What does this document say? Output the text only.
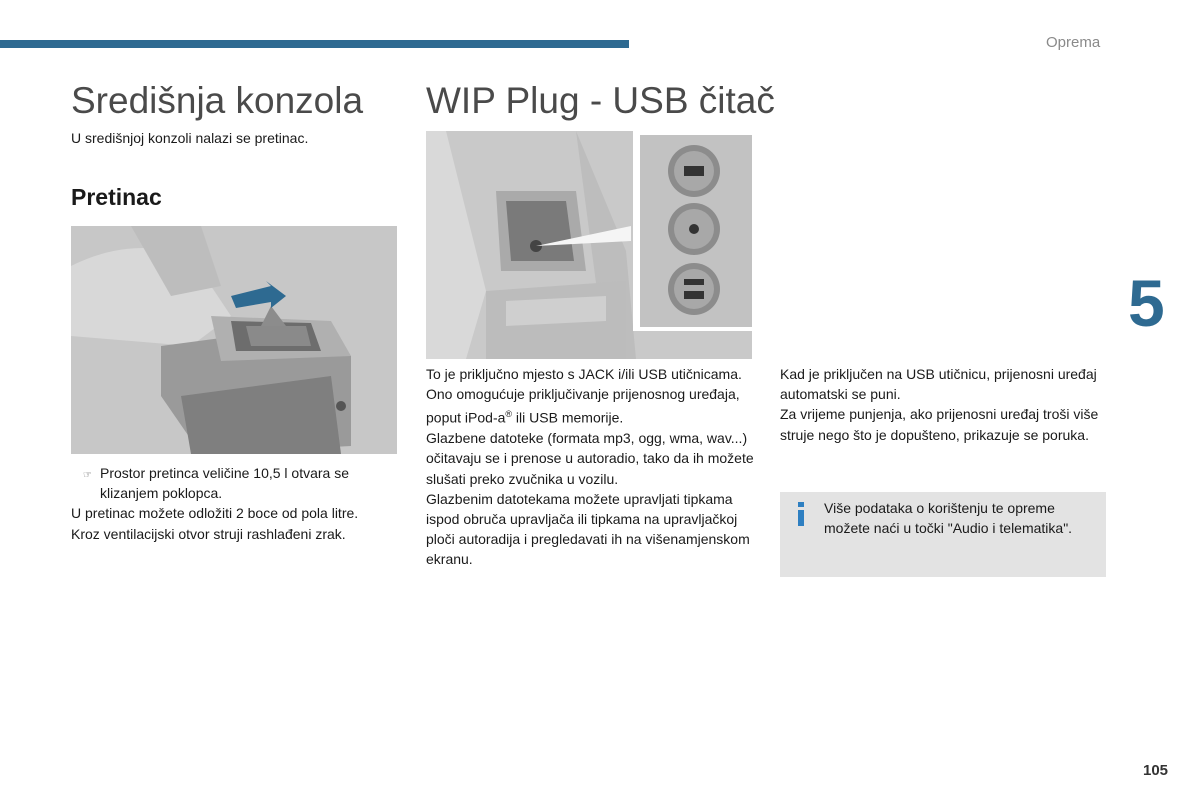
Oprema
5
105
Središnja konzola
U središnjoj konzoli nalazi se pretinac.
Pretinac

☞ Prostor pretinca veličine 10,5 l otvara se klizanjem poklopca.

U pretinac možete odložiti 2 boce od pola litre.

Kroz ventilacijski otvor struji rashlađeni zrak.

WIP Plug - USB čitač

To je priključno mjesto s JACK i/ili USB utičnicama.

Ono omogućuje priključivanje prijenosnog uređaja, poput iPod-a® ili USB memorije.

Glazbene datoteke (formata mp3, ogg, wma, wav...) očitavaju se i prenose u autoradio, tako da ih možete slušati preko zvučnika u vozilu.

Glazbenim datotekama možete upravljati tipkama ispod obruča upravljača ili tipkama na upravljačkoj ploči autoradija i pregledavati ih na višenamjenskom ekranu.

Kad je priključen na USB utičnicu, prijenosni uređaj automatski se puni.

Za vrijeme punjenja, ako prijenosni uređaj troši više struje nego što je dopušteno, prikazuje se poruka.

Više podataka o korištenju te opreme možete naći u točki "Audio i telematika".
